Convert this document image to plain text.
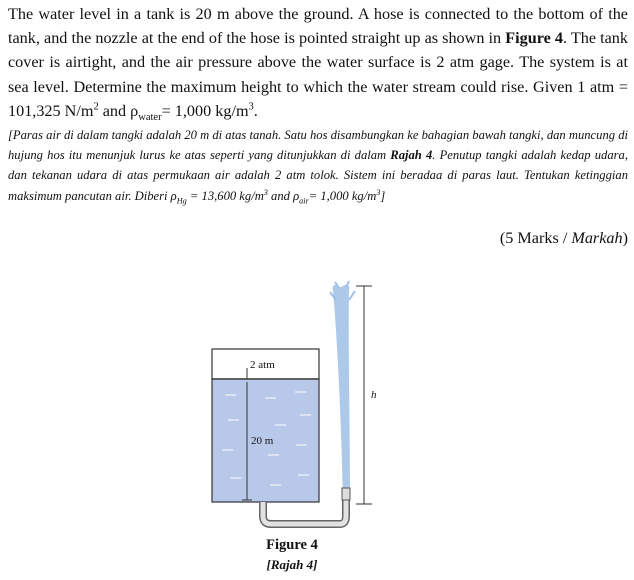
The water level in a tank is 20 m above the ground. A hose is connected to the bottom of the tank, and the nozzle at the end of the hose is pointed straight up as shown in Figure 4. The tank cover is airtight, and the air pressure above the water surface is 2 atm gage. The system is at sea level. Determine the maximum height to which the water stream could rise. Given 1 atm = 101,325 $N/m^2$ and $\rho_{water}= 1,000$ $kg/m^3$.

[Paras air di dalam tangki adalah 20 m di atas tanah. Satu hos disambungkan ke bahagian bawah tangki, dan muncung di hujung hos itu menunjuk lurus ke atas seperti yang ditunjukkan di dalam Rajah 4. Penutup tangki adalah kedap udara, dan tekanan udara di atas permukaan air adalah 2 atm tolok. Sistem ini beradaa di paras laut. Tentukan ketinggian maksimum pancutan air. Diberi $\rho_{Hg} = 13,600$ $kg/m^3$ and $\rho_{air}= 1,000$ $kg/m^3$]

(5 Marks / Markah)
2 atm
20 m
h
Figure 4
[Rajah 4]
